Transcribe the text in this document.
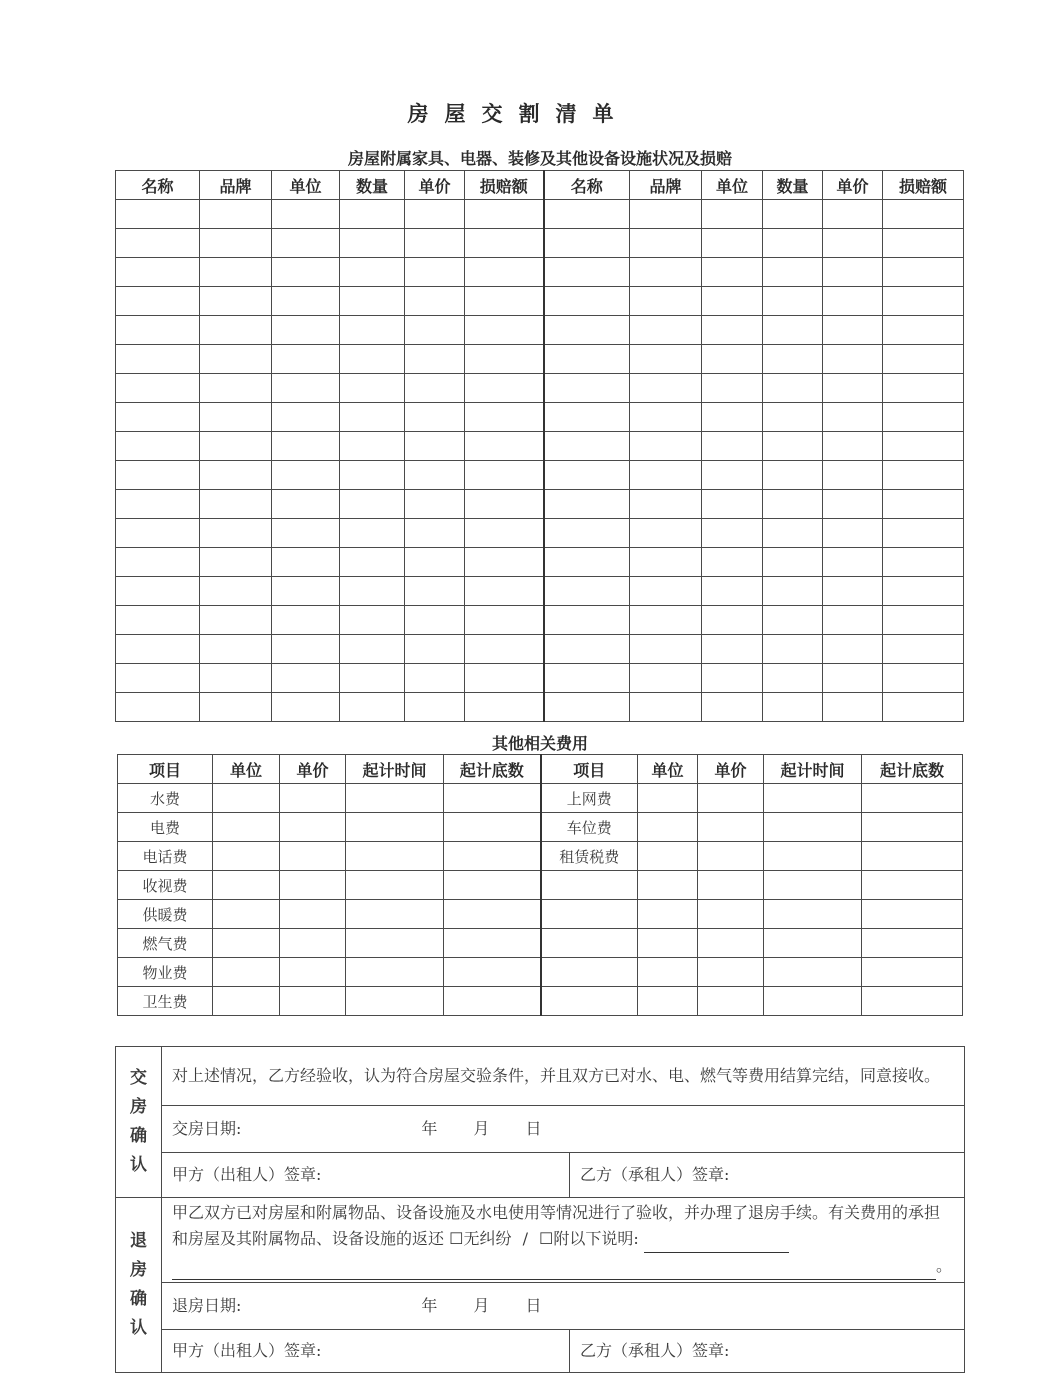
房屋交割清单
房屋附属家具、电器、装修及其他设备设施状况及损赔
名称	品牌	单位	数量	单价	损赔额	名称	品牌	单位	数量	单价	损赔额

其他相关费用
项目	单位	单价	起计时间	起计底数	项目	单位	单价	起计时间	起计底数
水费					上网费				
电费					车位费				
电话费					租赁税费				
收视费									
供暖费									
燃气费									
物业费									
卫生费									
交房确认	对上述情况，乙方经验收，认为符合房屋交验条件，并且双方已对水、电、燃气等费用结算完结，同意接收。	
	交房日期: 年 月 日	
	甲方（出租人）签章:	乙方（承租人）签章:

退房确认	甲乙双方已对房屋和附属物品、设备设施及水电使用等情况进行了验收，并办理了退房手续。有关费用的承担和房屋及其附属物品、设备设施的返还 ☐无纠纷 / ☐附以下说明:
。	
	退房日期: 年 月 日	
	甲方（出租人）签章:	乙方（承租人）签章:
